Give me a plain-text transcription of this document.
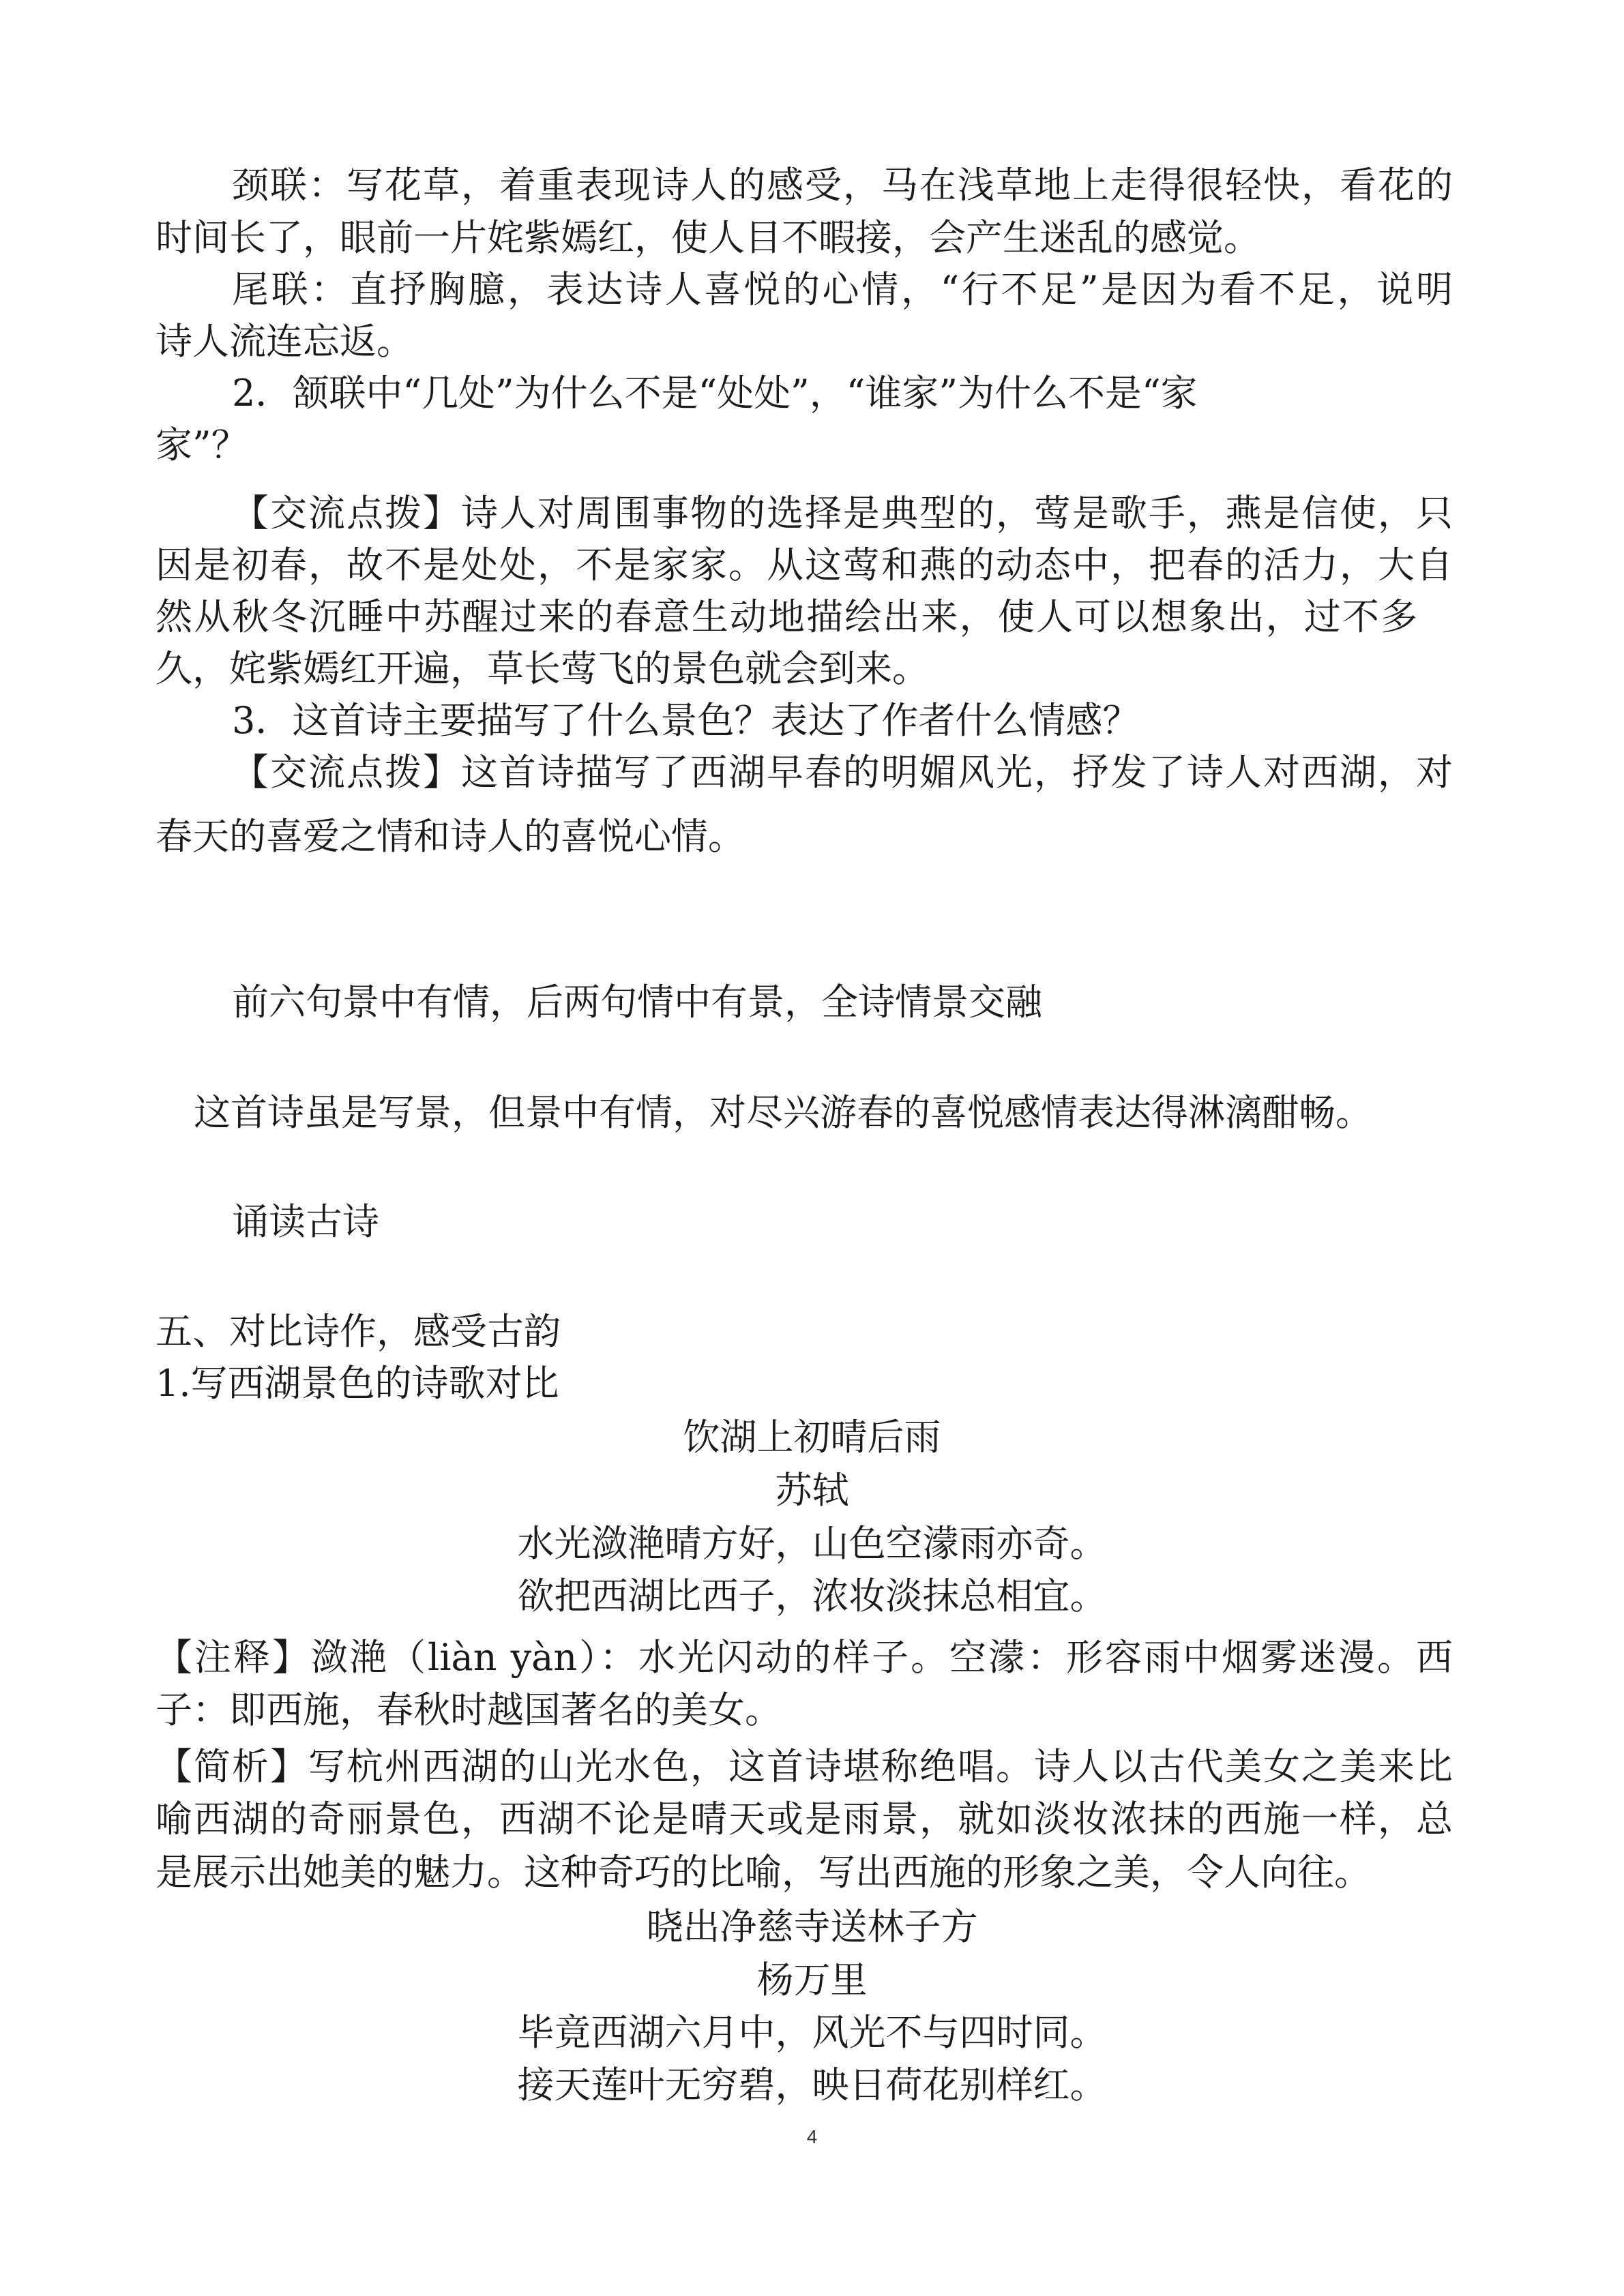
颈联：写花草，着重表现诗人的感受，马在浅草地上走得很轻快，看花的
时间长了，眼前一片姹紫嫣红，使人目不暇接，会产生迷乱的感觉。
尾联：直抒胸臆，表达诗人喜悦的心情，“行不足”是因为看不足，说明
诗人流连忘返。
2．颔联中“几处”为什么不是“处处”，“谁家”为什么不是“家
家”？
【交流点拨】诗人对周围事物的选择是典型的，莺是歌手，燕是信使，只
因是初春，故不是处处，不是家家。从这莺和燕的动态中，把春的活力，大自
然从秋冬沉睡中苏醒过来的春意生动地描绘出来，使人可以想象出，过不多
久，姹紫嫣红开遍，草长莺飞的景色就会到来。
3．这首诗主要描写了什么景色？表达了作者什么情感？
【交流点拨】这首诗描写了西湖早春的明媚风光，抒发了诗人对西湖，对
春天的喜爱之情和诗人的喜悦心情。
前六句景中有情，后两句情中有景，全诗情景交融
这首诗虽是写景，但景中有情，对尽兴游春的喜悦感情表达得淋漓酣畅。
诵读古诗
五、对比诗作，感受古韵
1.写西湖景色的诗歌对比
饮湖上初晴后雨
苏轼
水光潋滟晴方好，山色空濛雨亦奇。
欲把西湖比西子，浓妆淡抹总相宜。
【注释】潋滟（liàn yàn）：水光闪动的样子。空濛：形容雨中烟雾迷漫。西
子：即西施，春秋时越国著名的美女。
【简析】写杭州西湖的山光水色，这首诗堪称绝唱。诗人以古代美女之美来比
喻西湖的奇丽景色，西湖不论是晴天或是雨景，就如淡妆浓抹的西施一样，总
是展示出她美的魅力。这种奇巧的比喻，写出西施的形象之美，令人向往。
晓出净慈寺送林子方
杨万里
毕竟西湖六月中，风光不与四时同。
接天莲叶无穷碧，映日荷花别样红。
4
